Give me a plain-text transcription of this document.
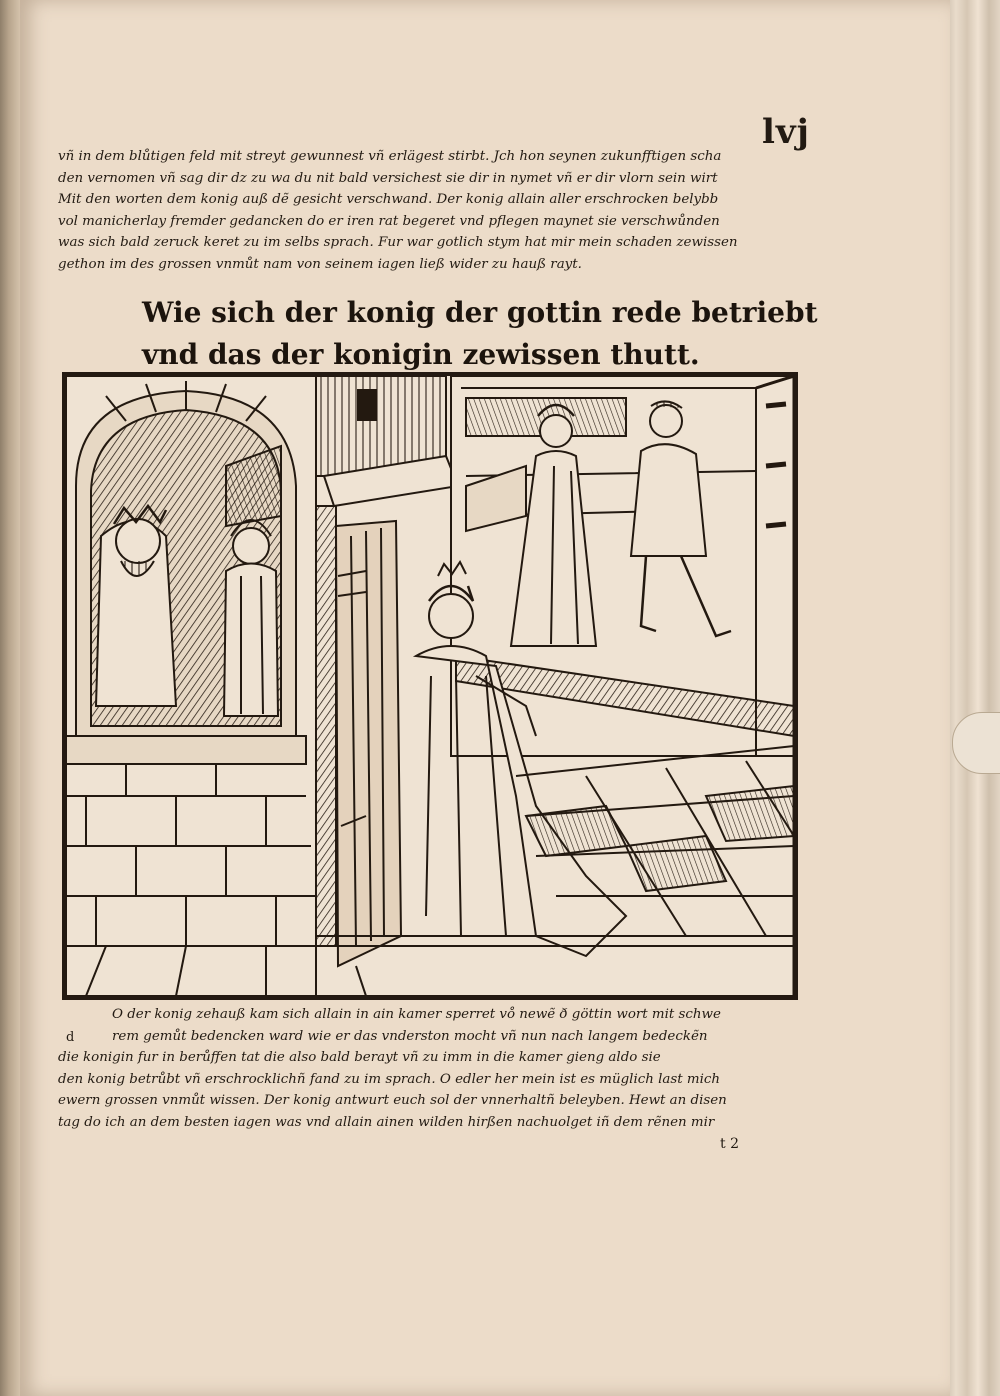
lvj

vñ in dem blůtigen feld mit streyt gewunnest vñ erlägest stirbt. Jch hon seynen zukunfftigen scha
den vernomen vñ sag dir dz zu wa du nit bald versichest sie dir in nymet vñ er dir vlorn sein wirt
Mit den worten dem konig auß dẽ gesicht verschwand. Der konig allain aller erschrocken belybb
vol manicherlay fremder gedancken do er iren rat begeret vnd pflegen maynet sie verschwůnden
was sich bald zeruck keret zu im selbs sprach. Fur war gotlich stym hat mir mein schaden zewissen
gethon im des grossen vnmůt nam von seinem iagen ließ wider zu hauß rayt.
Wie sich der konig der gottin rede betriebt
vnd das der konigin zewissen thutt.

d

O der konig zehauß kam sich allain in ain kamer sperret vo̊ newẽ ð göttin wort mit schwe
rem gemůt bedencken ward wie er das vnderston mocht vñ nun nach langem bedeckẽn
die konigin fur in berůffen tat die also bald berayt vñ zu imm in die kamer gieng aldo sie
den konig betrůbt vñ erschrocklichñ fand zu im sprach. O edler her mein ist es müglich last mich
ewern grossen vnmůt wissen. Der konig antwurt euch sol der vnnerhaltñ beleyben. Hewt an disen
tag do ich an dem besten iagen was vnd allain ainen wilden hirßen nachuolget iñ dem rẽnen mir

t 2
